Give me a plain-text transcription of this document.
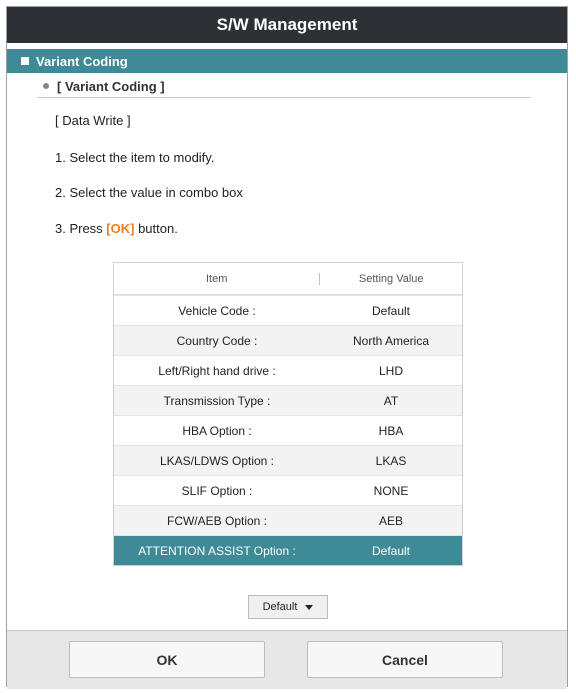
S/W Management
Variant Coding
[ Variant Coding ]
[ Data Write ]
1. Select the item to modify.
2. Select the value in combo box
3. Press [OK] button.
Item	Setting Value
Vehicle Code :	Default
Country Code :	North America
Left/Right hand drive :	LHD
Transmission Type :	AT
HBA Option :	HBA
LKAS/LDWS Option :	LKAS
SLIF Option :	NONE
FCW/AEB Option :	AEB
ATTENTION ASSIST Option :	Default
Default
OK	Cancel
